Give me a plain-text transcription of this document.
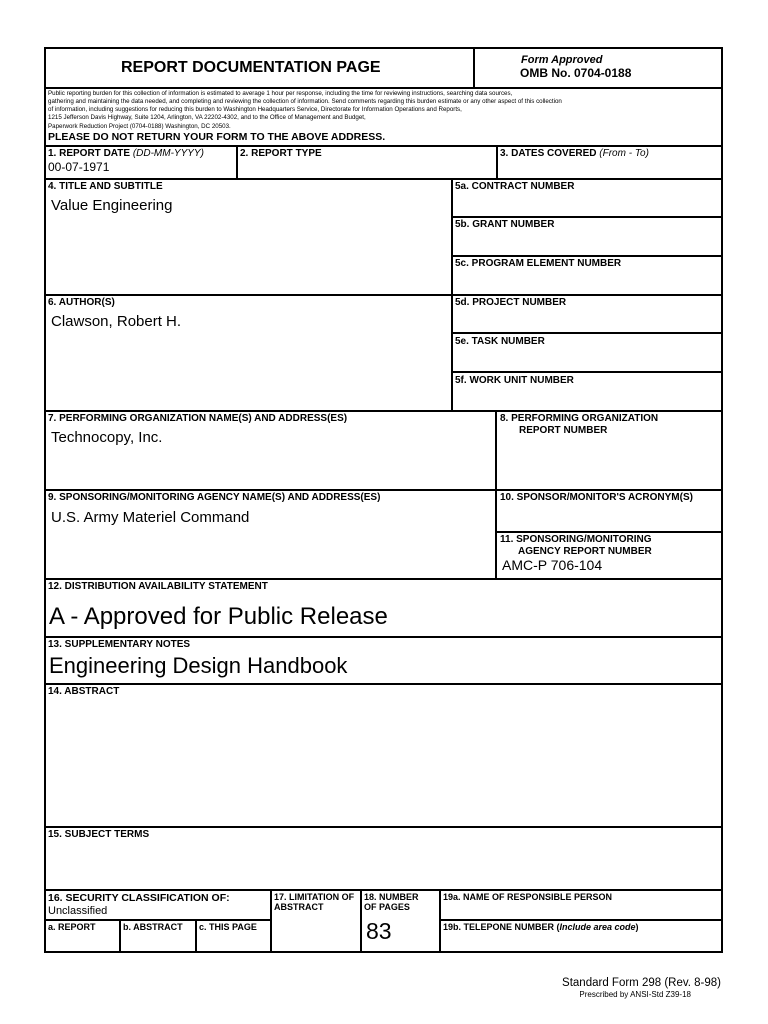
REPORT DOCUMENTATION PAGE	Form Approved
OMB No. 0704-0188
Public reporting burden for this collection of information is estimated to average 1 hour per response, including the time for reviewing instructions, searching data sources,
gathering and maintaining the data needed, and completing and reviewing the collection of information. Send comments regarding this burden estimate or any other aspect of this collection
of information, including suggestions for reducing this burden to Washington Headquarters Service, Directorate for Information Operations and Reports,
1215 Jefferson Davis Highway, Suite 1204, Arlington, VA 22202-4302, and to the Office of Management and Budget,
Paperwork Reduction Project (0704-0188) Washington, DC 20503.
PLEASE DO NOT RETURN YOUR FORM TO THE ABOVE ADDRESS.
1. REPORT DATE (DD-MM-YYYY)
00-07-1971
2. REPORT TYPE	3. DATES COVERED (From - To)
4. TITLE AND SUBTITLE
Value Engineering
5a. CONTRACT NUMBER
5b. GRANT NUMBER
5c. PROGRAM ELEMENT NUMBER
6. AUTHOR(S)
Clawson, Robert H.
5d. PROJECT NUMBER
5e. TASK NUMBER
5f. WORK UNIT NUMBER
7. PERFORMING ORGANIZATION NAME(S) AND ADDRESS(ES)
Technocopy, Inc.
8. PERFORMING ORGANIZATION
REPORT NUMBER
9. SPONSORING/MONITORING AGENCY NAME(S) AND ADDRESS(ES)
U.S. Army Materiel Command
10. SPONSOR/MONITOR'S ACRONYM(S)
11. SPONSORING/MONITORING
AGENCY REPORT NUMBER
AMC-P 706-104
12. DISTRIBUTION AVAILABILITY STATEMENT
A - Approved for Public Release
13. SUPPLEMENTARY NOTES
Engineering Design Handbook
14. ABSTRACT
15. SUBJECT TERMS
16. SECURITY CLASSIFICATION OF:
Unclassified
a. REPORT	b. ABSTRACT c. THIS PAGE
17. LIMITATION OF
ABSTRACT
18. NUMBER
OF PAGES
83
19a. NAME OF RESPONSIBLE PERSON
19b. TELEPONE NUMBER (Include area code)
Standard Form 298 (Rev. 8-98)
Prescribed by ANSI-Std Z39-18
